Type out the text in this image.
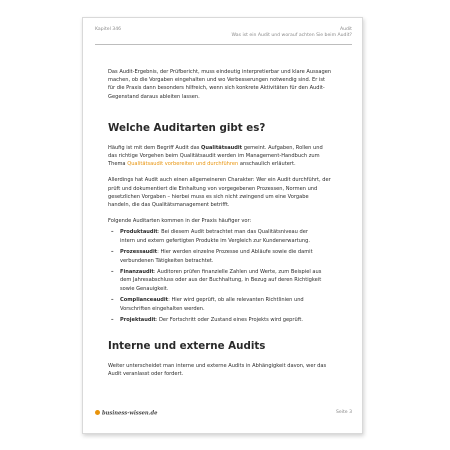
Kapitel 346	Audit
Was ist ein Audit und worauf achten Sie beim Audit?

Das Audit-Ergebnis, der Prüfbericht, muss eindeutig interpretierbar und klare Aussagen
machen, ob die Vorgaben eingehalten und wo Verbesserungen notwendig sind. Er ist
für die Praxis dann besonders hilfreich, wenn sich konkrete Aktivitäten für den Audit-
Gegenstand daraus ableiten lassen.

Welche Auditarten gibt es?

Häufig ist mit dem Begriff Audit das Qualitätsaudit gemeint. Aufgaben, Rollen und
das richtige Vorgehen beim Qualitätsaudit werden im Management-Handbuch zum
Thema Qualitätsaudit vorbereiten und durchführen anschaulich erläutert.

Allerdings hat Audit auch einen allgemeineren Charakter: Wer ein Audit durchführt, der
prüft und dokumentiert die Einhaltung von vorgegebenen Prozessen, Normen und
gesetzlichen Vorgaben – hierbei muss es sich nicht zwingend um eine Vorgabe
handeln, die das Qualitätsmanagement betrifft.

Folgende Auditarten kommen in der Praxis häufiger vor:

– Produktaudit: Bei diesem Audit betrachtet man das Qualitätsniveau der
intern und extern gefertigten Produkte im Vergleich zur Kundenerwartung.
– Prozessaudit: Hier werden einzelne Prozesse und Abläufe sowie die damit
verbundenen Tätigkeiten betrachtet.
– Finanzaudit: Auditoren prüfen finanzielle Zahlen und Werte, zum Beispiel aus
dem Jahresabschluss oder aus der Buchhaltung, in Bezug auf deren Richtigkeit
sowie Genauigkeit.
– Complianceaudit: Hier wird geprüft, ob alle relevanten Richtlinien und
Vorschriften eingehalten werden.
– Projektaudit: Der Fortschritt oder Zustand eines Projekts wird geprüft.
Interne und externe Audits

Weiter unterscheidet man interne und externe Audits in Abhängigkeit davon, wer das
Audit veranlasst oder fordert.

business-wissen.de	Seite 3
